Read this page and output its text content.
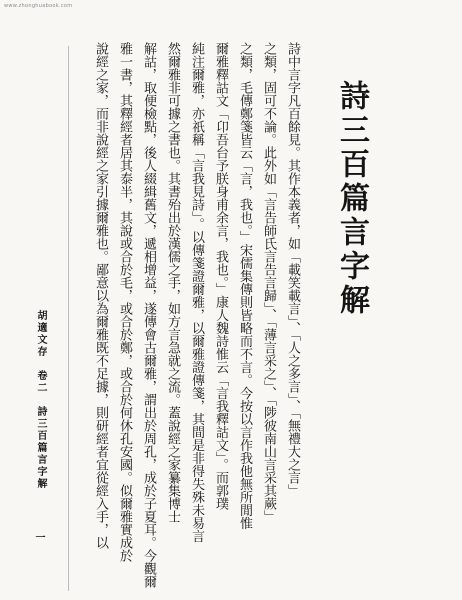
www.zhonghuabook.com
詩三百篇言字解
詩中言字凡百餘見。其作本義者，如「載笑載言」、「人之多言」、「無禮大之言」
之類，固可不論。此外如「言告師氏言告言歸」、「薄言采之」、「陟彼南山言采其蕨」
之類，毛傳鄭箋皆云「言，我也。」宋儒集傳則皆略而不言。今按以言作我他無所閒惟
爾雅釋詁文「卬吾台予朕身甫余言，我也。」康人魏詩惟云「言我釋詁文」。而郭璞
純注爾雅，亦祇稱「言我見詩」。以傳箋證爾雅，以爾雅證傳箋，其間是非得失殊未易言
然爾雅非可據之書也。其書殆出於漢儒之手，如方言急就之流。蓋說經之家纂集博士
解詁，取便檢點，後人綴緝舊文，遞相增益，遂傳會古爾雅，謂出於周孔，成於子夏耳。今觀爾
雅一書，其釋經者居其泰半，其說或合於毛，或合於鄭，或合於何休孔安國。似爾雅實成於
說經之家，而非說經之家引據爾雅也。鄙意以為爾雅既不足據，則研經者宜從經入手，以
胡適文存　卷二　詩三百篇言字解
一
